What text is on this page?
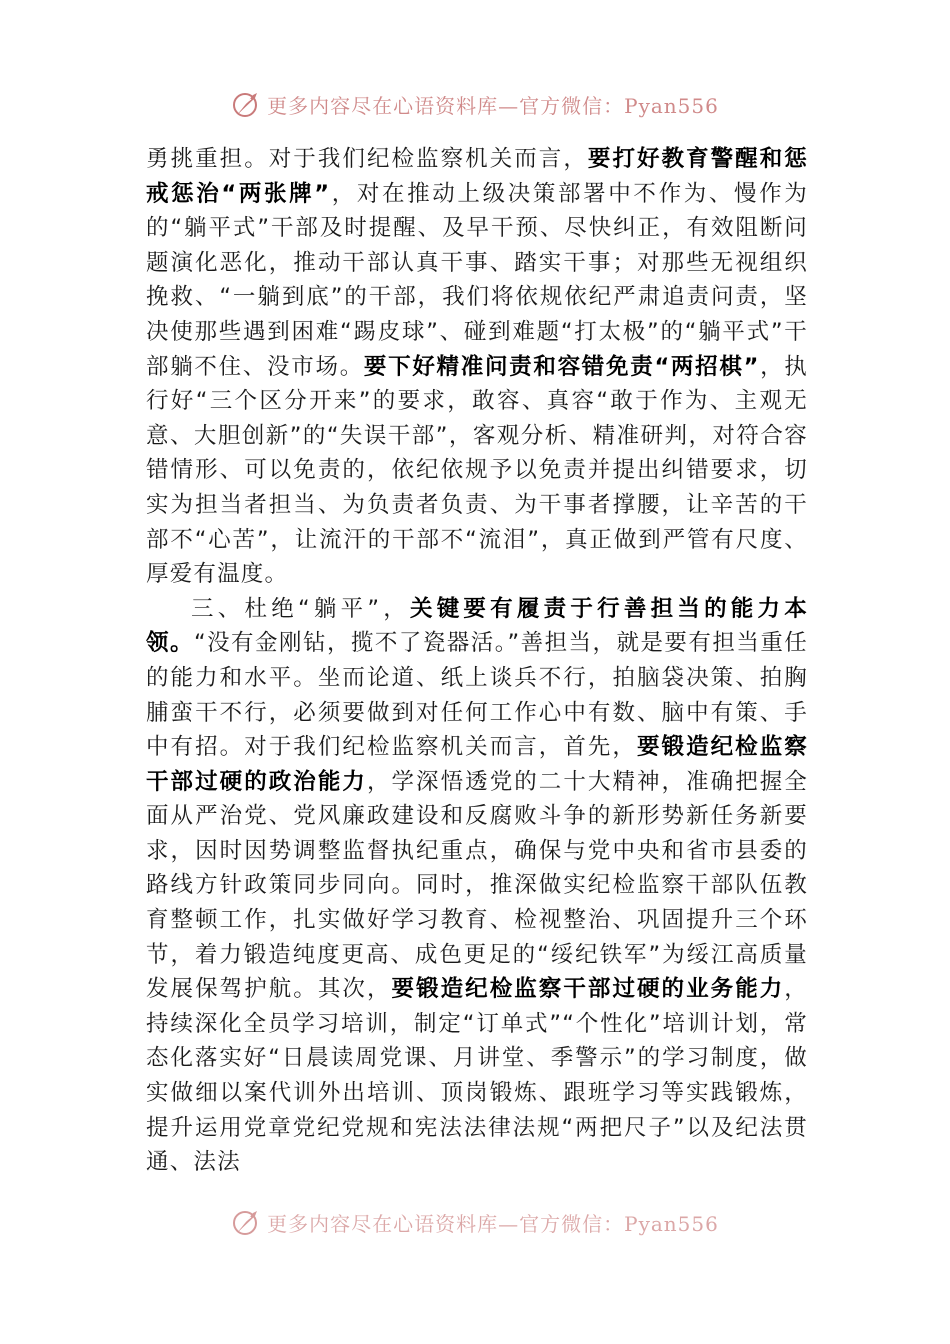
更多内容尽在心语资料库—官方微信：Pyan556

勇挑重担。对于我们纪检监察机关而言，要打好教育警醒和惩戒惩治“两张牌”，对在推动上级决策部署中不作为、慢作为的“躺平式”干部及时提醒、及早干预、尽快纠正，有效阻断问题演化恶化，推动干部认真干事、踏实干事；对那些无视组织挽救、“一躺到底”的干部，我们将依规依纪严肃追责问责，坚决使那些遇到困难“踢皮球”、碰到难题“打太极”的“躺平式”干部躺不住、没市场。要下好精准问责和容错免责“两招棋”，执行好“三个区分开来”的要求，敢容、真容“敢于作为、主观无意、大胆创新”的“失误干部”，客观分析、精准研判，对符合容错情形、可以免责的，依纪依规予以免责并提出纠错要求，切实为担当者担当、为负责者负责、为干事者撑腰，让辛苦的干部不“心苦”，让流汗的干部不“流泪”，真正做到严管有尺度、厚爱有温度。

三、杜绝“躺平”，关键要有履责于行善担当的能力本领。“没有金刚钻，揽不了瓷器活。”善担当，就是要有担当重任的能力和水平。坐而论道、纸上谈兵不行，拍脑袋决策、拍胸脯蛮干不行，必须要做到对任何工作心中有数、脑中有策、手中有招。对于我们纪检监察机关而言，首先，要锻造纪检监察干部过硬的政治能力，学深悟透党的二十大精神，准确把握全面从严治党、党风廉政建设和反腐败斗争的新形势新任务新要求，因时因势调整监督执纪重点，确保与党中央和省市县委的路线方针政策同步同向。同时，推深做实纪检监察干部队伍教育整顿工作，扎实做好学习教育、检视整治、巩固提升三个环节，着力锻造纯度更高、成色更足的“绥纪铁军”为绥江高质量发展保驾护航。其次，要锻造纪检监察干部过硬的业务能力，持续深化全员学习培训，制定“订单式”“个性化”培训计划，常态化落实好“日晨读周党课、月讲堂、季警示”的学习制度，做实做细以案代训外出培训、顶岗锻炼、跟班学习等实践锻炼，提升运用党章党纪党规和宪法法律法规“两把尺子”以及纪法贯通、法法

更多内容尽在心语资料库—官方微信：Pyan556
